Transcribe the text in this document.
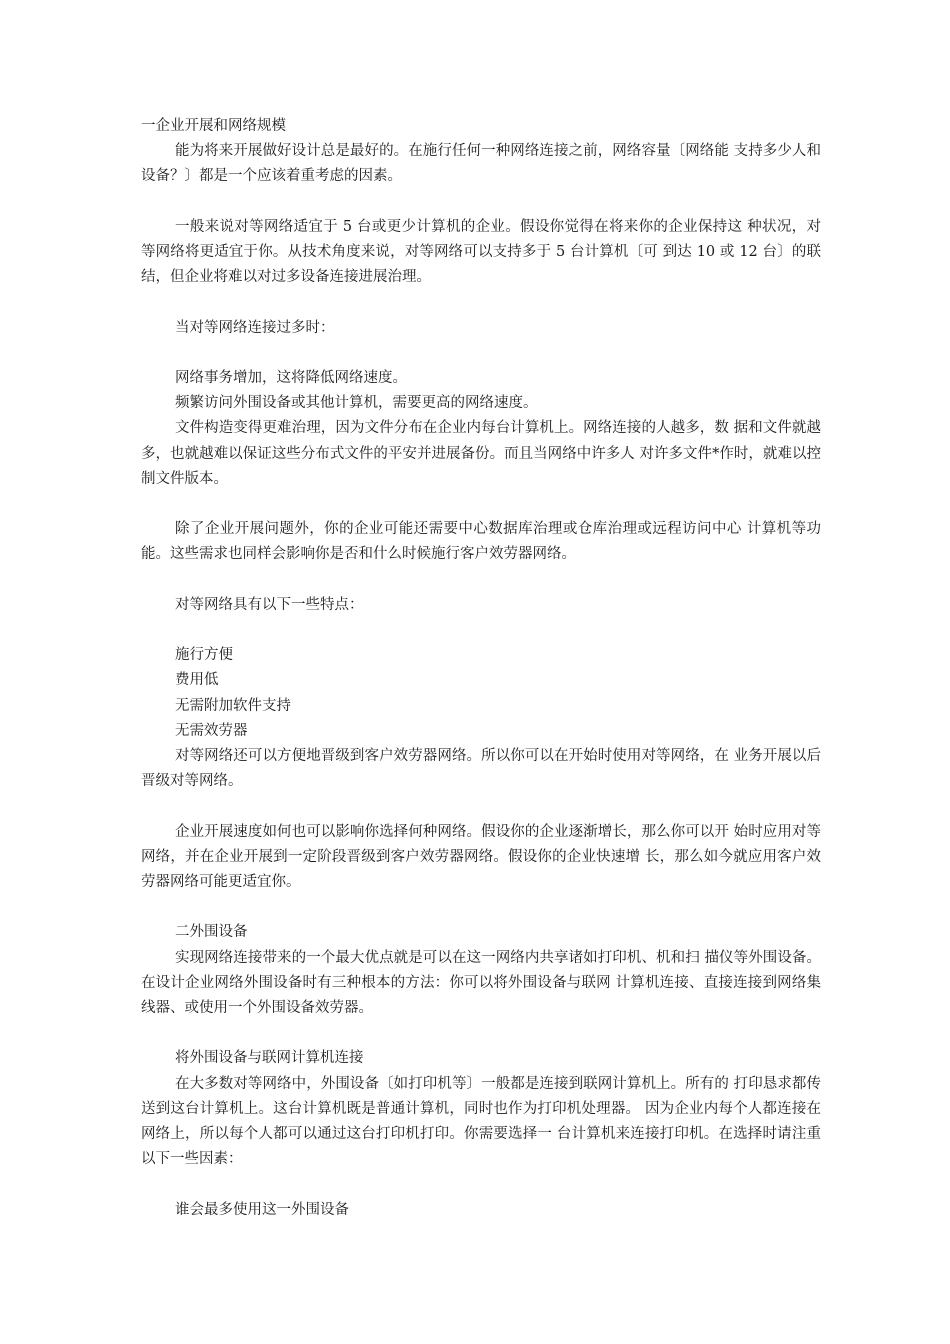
一企业开展和网络规模

能为将来开展做好设计总是最好的。在施行任何一种网络连接之前，网络容量〔网络能 支持多少人和设备？〕都是一个应该着重考虑的因素。

一般来说对等网络适宜于 5 台或更少计算机的企业。假设你觉得在将来你的企业保持这 种状况，对等网络将更适宜于你。从技术角度来说，对等网络可以支持多于 5 台计算机〔可 到达 10 或 12 台〕的联结，但企业将难以对过多设备连接进展治理。

当对等网络连接过多时：

网络事务增加，这将降低网络速度。

频繁访问外围设备或其他计算机，需要更高的网络速度。

文件构造变得更难治理，因为文件分布在企业内每台计算机上。网络连接的人越多，数 据和文件就越多，也就越难以保证这些分布式文件的平安并进展备份。而且当网络中许多人 对许多文件*作时，就难以控制文件版本。

除了企业开展问题外，你的企业可能还需要中心数据库治理或仓库治理或远程访问中心 计算机等功能。这些需求也同样会影响你是否和什么时候施行客户效劳器网络。

对等网络具有以下一些特点：

施行方便

费用低

无需附加软件支持

无需效劳器

对等网络还可以方便地晋级到客户效劳器网络。所以你可以在开始时使用对等网络，在 业务开展以后晋级对等网络。

企业开展速度如何也可以影响你选择何种网络。假设你的企业逐渐增长，那么你可以开 始时应用对等网络，并在企业开展到一定阶段晋级到客户效劳器网络。假设你的企业快速增 长，那么如今就应用客户效劳器网络可能更适宜你。

二外围设备

实现网络连接带来的一个最大优点就是可以在这一网络内共享诸如打印机、机和扫 描仪等外围设备。在设计企业网络外围设备时有三种根本的方法：你可以将外围设备与联网 计算机连接、直接连接到网络集线器、或使用一个外围设备效劳器。

将外围设备与联网计算机连接

在大多数对等网络中，外围设备〔如打印机等〕一般都是连接到联网计算机上。所有的 打印恳求都传送到这台计算机上。这台计算机既是普通计算机，同时也作为打印机处理器。 因为企业内每个人都连接在网络上，所以每个人都可以通过这台打印机打印。你需要选择一 台计算机来连接打印机。在选择时请注重以下一些因素：

谁会最多使用这一外围设备
